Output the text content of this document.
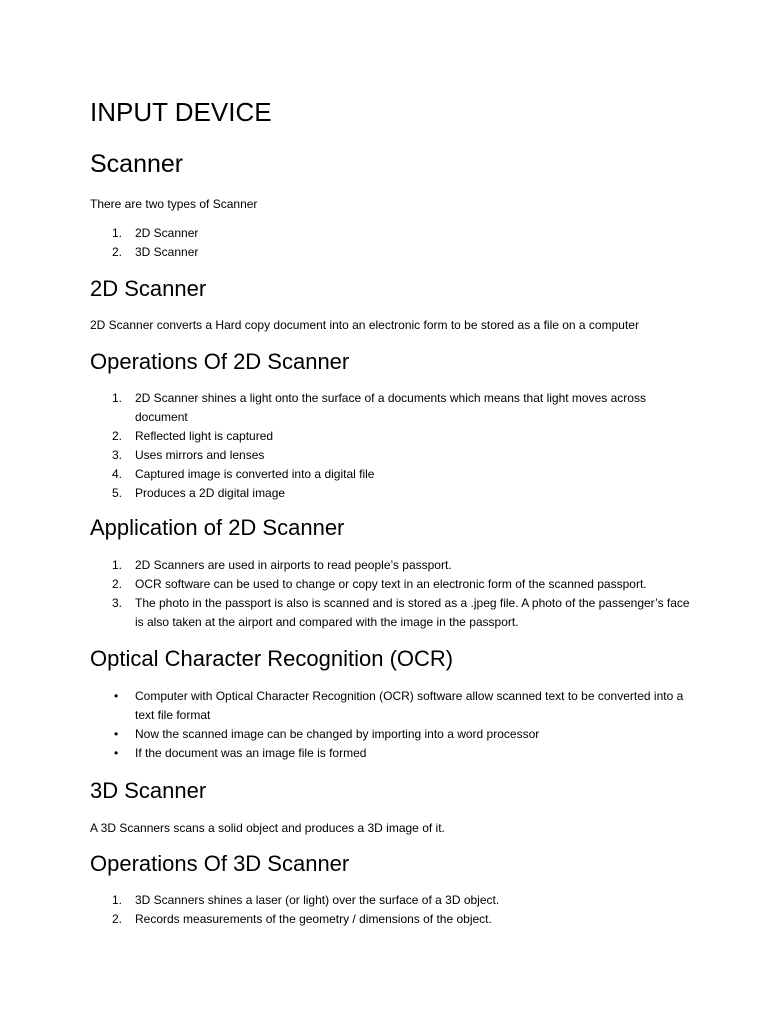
INPUT DEVICE
Scanner

There are two types of Scanner

1. 2D Scanner
2. 3D Scanner
2D Scanner

2D Scanner converts a Hard copy document into an electronic form to be stored as a file on a computer

Operations Of 2D Scanner
1. 2D Scanner shines a light onto the surface of a documents which means that light moves across document
2. Reflected light is captured
3. Uses mirrors and lenses
4. Captured image is converted into a digital file
5. Produces a 2D digital image
Application of 2D Scanner
1. 2D Scanners are used in airports to read people’s passport.
2. OCR software can be used to change or copy text in an electronic form of the scanned passport.
3. The photo in the passport is also is scanned and is stored as a .jpeg file. A photo of the passenger’s face is also taken at the airport and compared with the image in the passport.
Optical Character Recognition (OCR)
• Computer with Optical Character Recognition (OCR) software allow scanned text to be converted into a text file format
• Now the scanned image can be changed by importing into a word processor
• If the document was an image file is formed
3D Scanner

A 3D Scanners scans a solid object and produces a 3D image of it.

Operations Of 3D Scanner
1. 3D Scanners shines a laser (or light) over the surface of a 3D object.
2. Records measurements of the geometry / dimensions of the object.
